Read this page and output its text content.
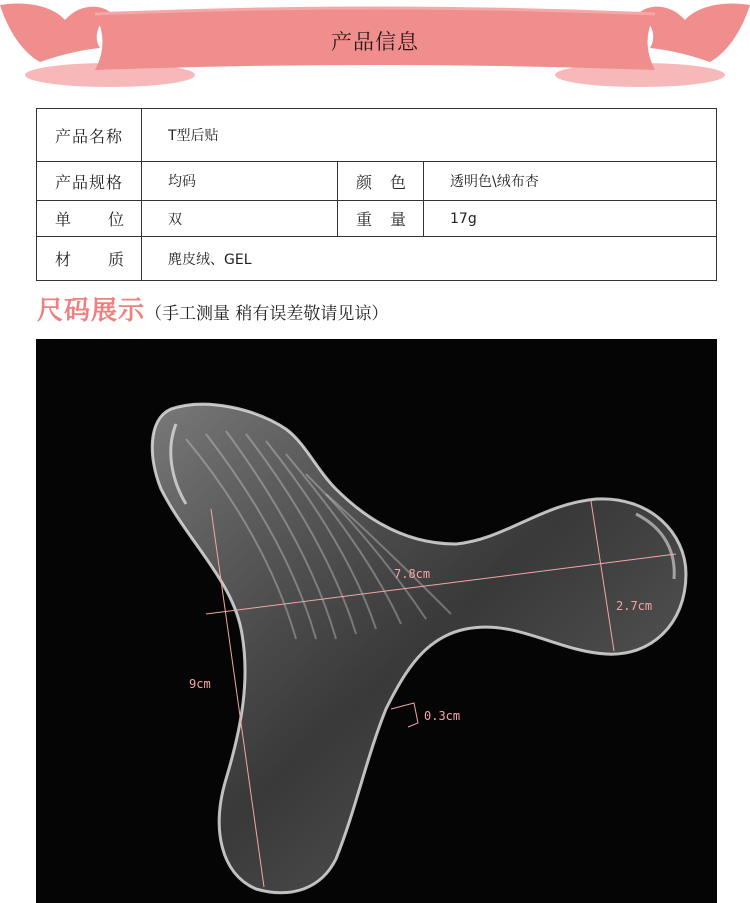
产品信息
产品名称	T型后贴		
产品规格	均码	颜 色	透明色\绒布杏

单 位	双	重 量	17g

材 质	麂皮绒、GEL		
尺码展示（手工测量 稍有误差敬请见谅）
7.8cm
2.7cm
9cm
0.3cm
